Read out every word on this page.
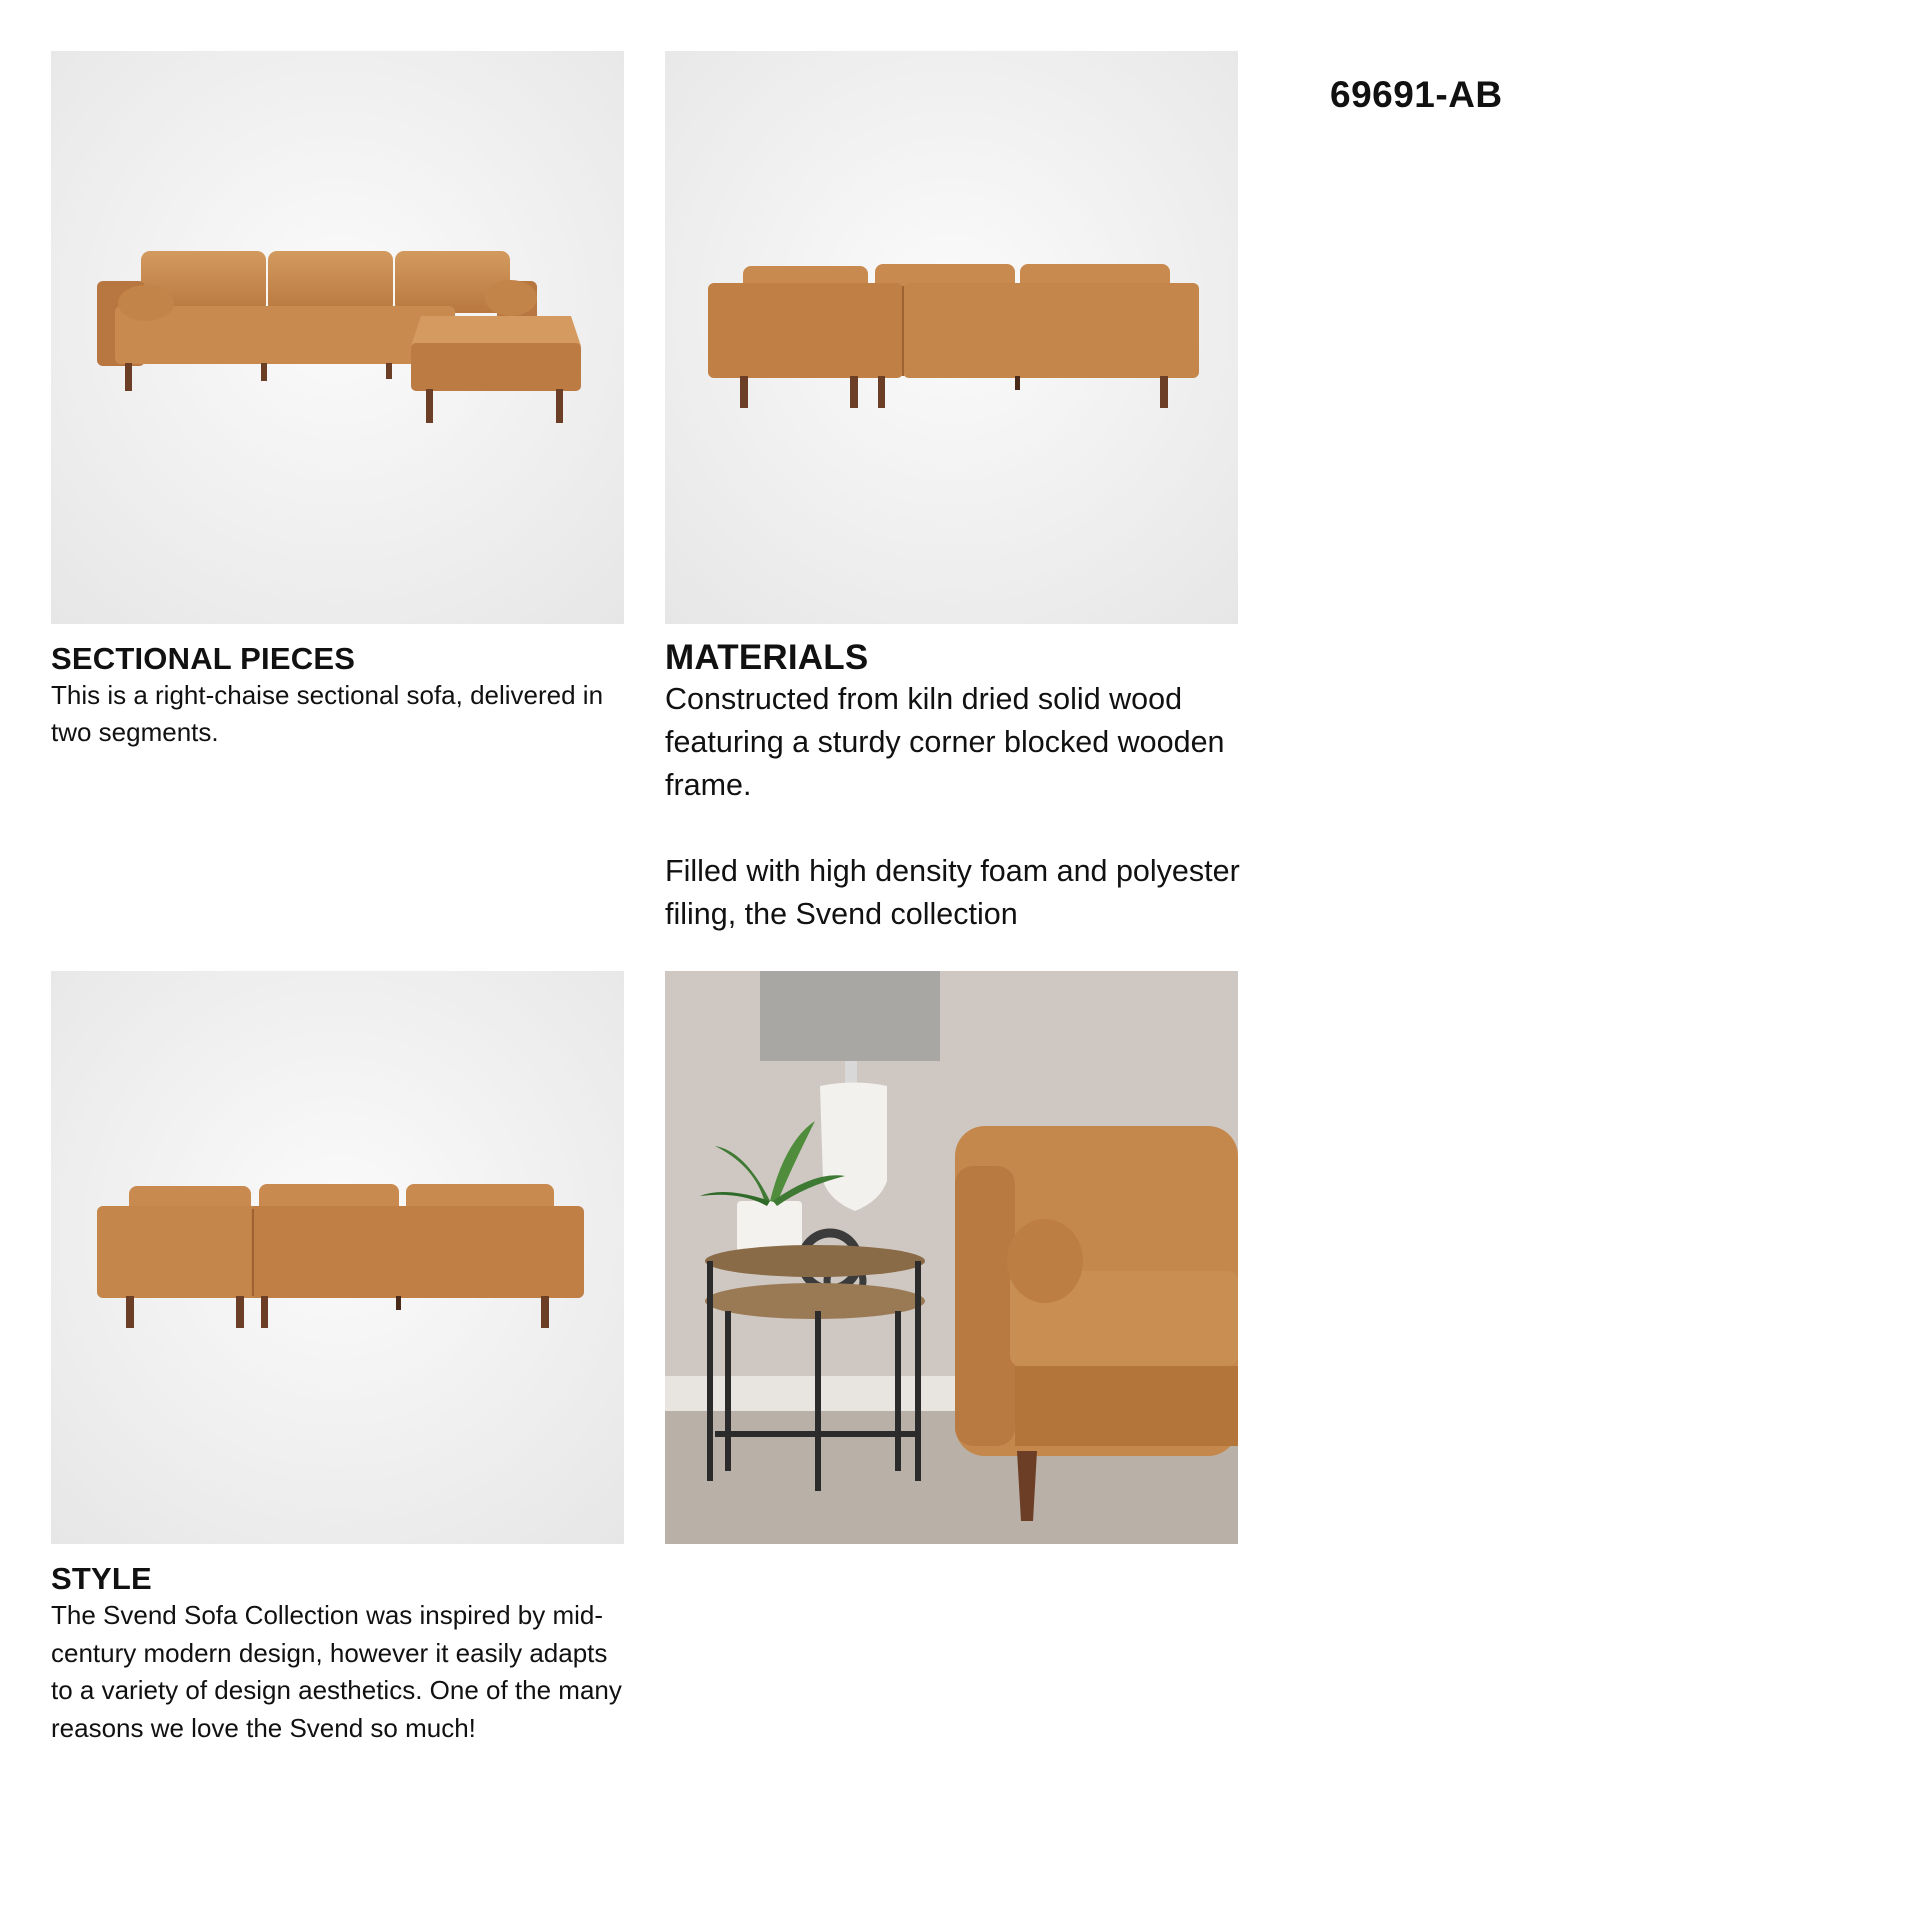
69691-AB
SECTIONAL PIECES

This is a right-chaise sectional sofa, delivered in two segments.

MATERIALS

Constructed from kiln dried solid wood featuring a sturdy corner blocked wooden frame.

Filled with high density foam and polyester filing, the Svend collection

STYLE

The Svend Sofa Collection was inspired by mid-century modern design, however it easily adapts to a variety of design aesthetics. One of the many reasons we love the Svend so much!
